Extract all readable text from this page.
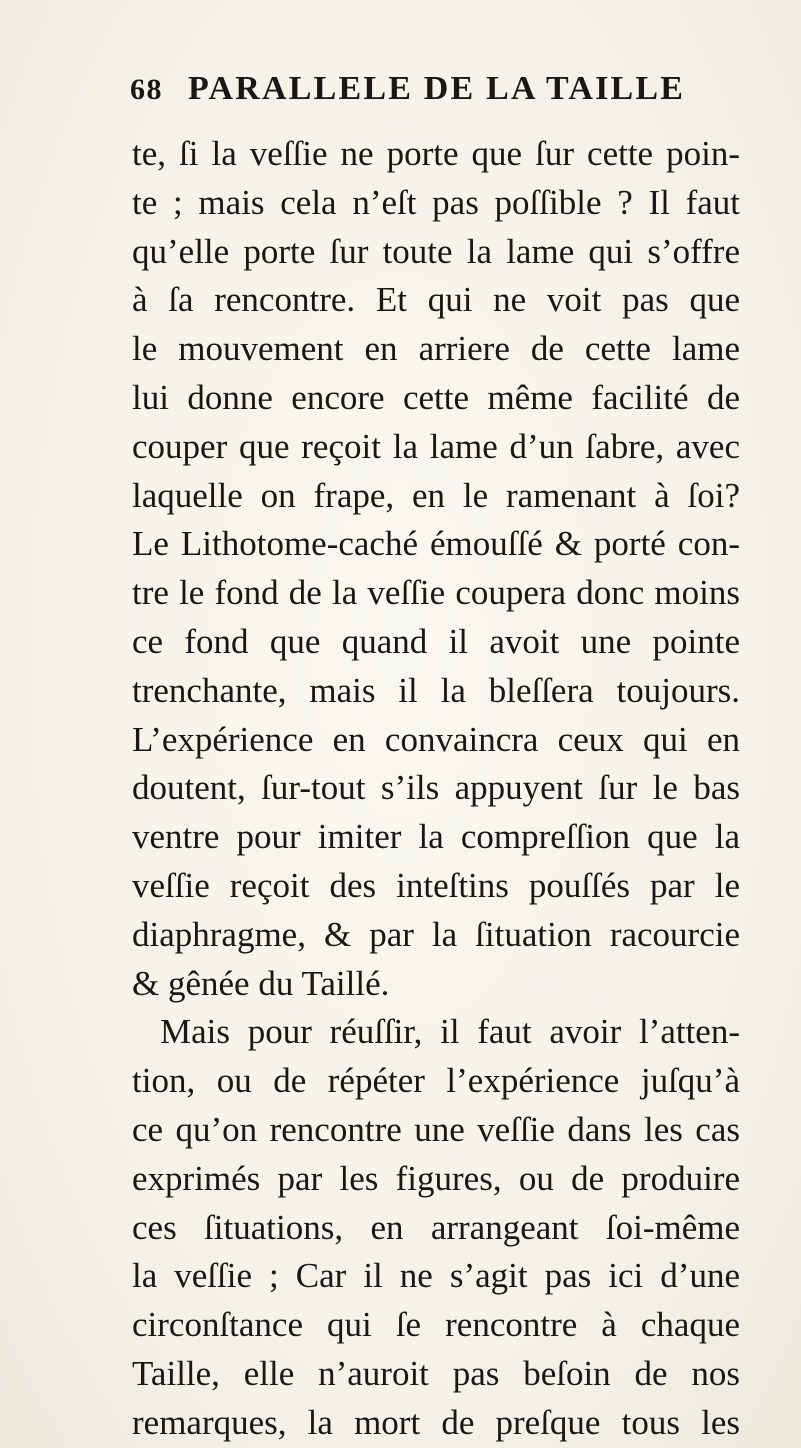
68 PARALLELE DE LA TAILLE
te, ſi la veſſie ne porte que ſur cette poin-
te ; mais cela n’eſt pas poſſible ? Il faut
qu’elle porte ſur toute la lame qui s’offre
à ſa rencontre. Et qui ne voit pas que
le mouvement en arriere de cette lame
lui donne encore cette même facilité de
couper que reçoit la lame d’un ſabre, avec
laquelle on frape, en le ramenant à ſoi?
Le Lithotome-caché émouſſé & porté con-
tre le fond de la veſſie coupera donc moins
ce fond que quand il avoit une pointe
trenchante, mais il la bleſſera toujours.
L’expérience en convaincra ceux qui en
doutent, ſur-tout s’ils appuyent ſur le bas
ventre pour imiter la compreſſion que la
veſſie reçoit des inteſtins pouſſés par le
diaphragme, & par la ſituation racourcie
& gênée du Taillé.
Mais pour réuſſir, il faut avoir l’atten-
tion, ou de répéter l’expérience juſqu’à
ce qu’on rencontre une veſſie dans les cas
exprimés par les figures, ou de produire
ces ſituations, en arrangeant ſoi-même
la veſſie ; Car il ne s’agit pas ici d’une
circonſtance qui ſe rencontre à chaque
Taille, elle n’auroit pas beſoin de nos
remarques, la mort de preſque tous les
